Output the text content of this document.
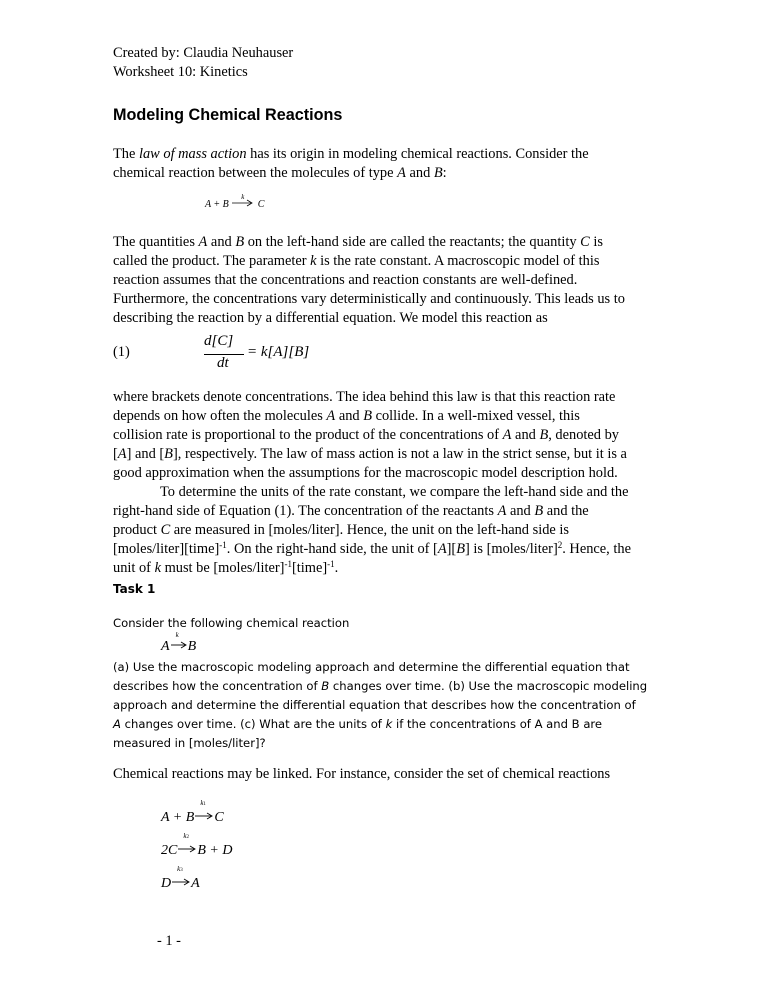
Created by: Claudia Neuhauser
Worksheet 10: Kinetics
Modeling Chemical Reactions
The law of mass action has its origin in modeling chemical reactions. Consider the
chemical reaction between the molecules of type A and B:
A + B
k
C
The quantities A and B on the left-hand side are called the reactants; the quantity C is
called the product. The parameter k is the rate constant. A macroscopic model of this
reaction assumes that the concentrations and reaction constants are well-defined.
Furthermore, the concentrations vary deterministically and continuously. This leads us to
describing the reaction by a differential equation. We model this reaction as
(1)
d[C]
dt
= k[A][B]
where brackets denote concentrations. The idea behind this law is that this reaction rate
depends on how often the molecules A and B collide. In a well-mixed vessel, this
collision rate is proportional to the product of the concentrations of A and B, denoted by
[A] and [B], respectively. The law of mass action is not a law in the strict sense, but it is a
good approximation when the assumptions for the macroscopic model description hold.
To determine the units of the rate constant, we compare the left-hand side and the
right-hand side of Equation (1). The concentration of the reactants A and B and the
product C are measured in [moles/liter]. Hence, the unit on the left-hand side is
[moles/liter][time]$^{-1}$. On the right-hand side, the unit of [A][B] is [moles/liter]$^2$. Hence, the
unit of k must be [moles/liter]$^{-1}$[time]$^{-1}$.
Task 1
Consider the following chemical reaction
A
k
B
(a) Use the macroscopic modeling approach and determine the differential equation that
describes how the concentration of B changes over time. (b) Use the macroscopic modeling
approach and determine the differential equation that describes how the concentration of
A changes over time. (c) What are the units of k if the concentrations of A and B are
measured in [moles/liter]?
Chemical reactions may be linked. For instance, consider the set of chemical reactions
A + B
k1
C
2C
k2
B + D
D
k3
A
- 1 -
